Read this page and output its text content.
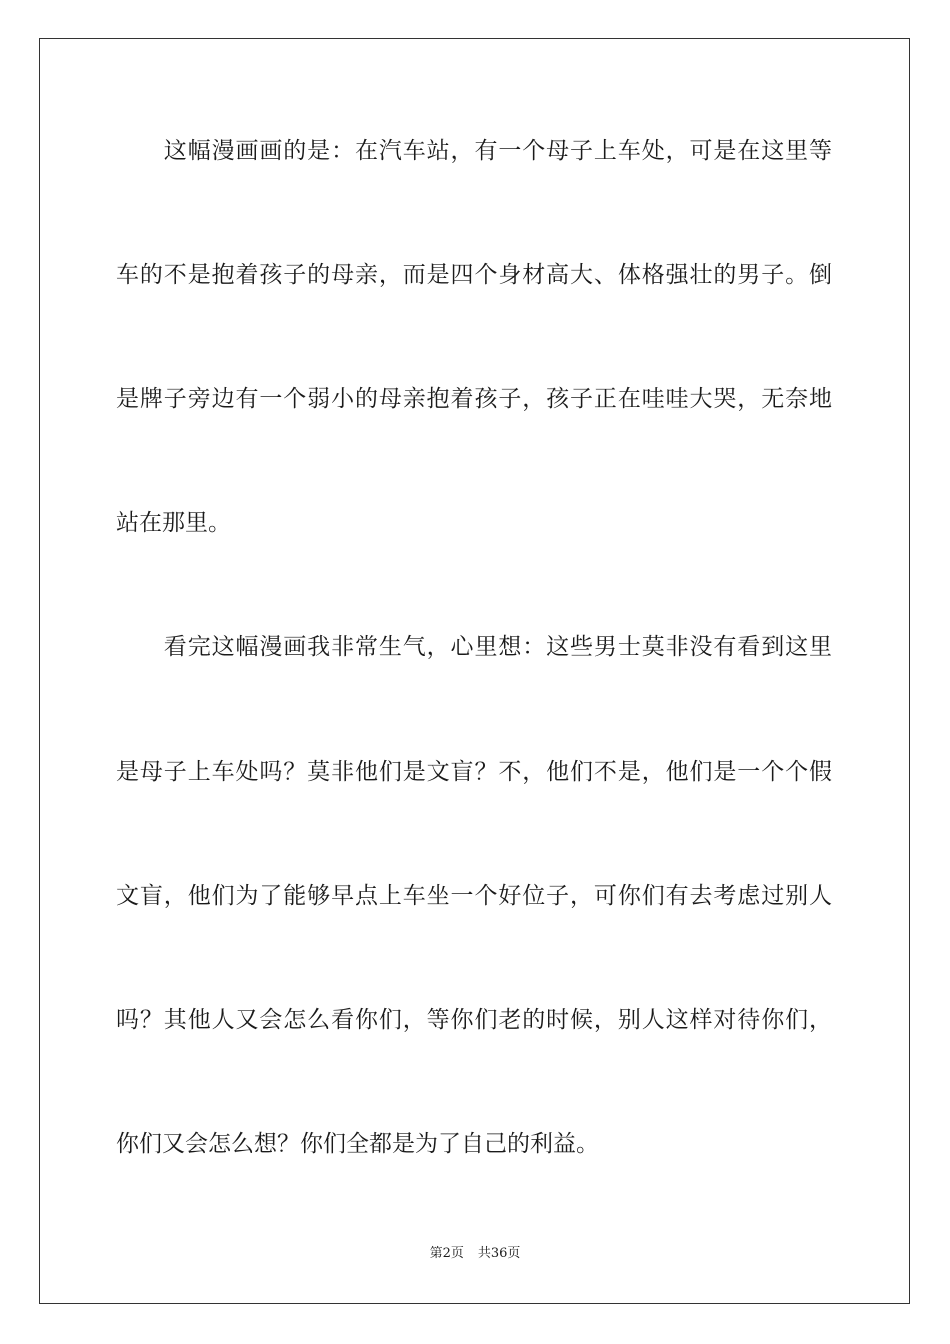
　　这幅漫画画的是：在汽车站，有一个母子上车处，可是在这里等
车的不是抱着孩子的母亲，而是四个身材高大、体格强壮的男子。倒
是牌子旁边有一个弱小的母亲抱着孩子，孩子正在哇哇大哭，无奈地
站在那里。
　　看完这幅漫画我非常生气，心里想：这些男士莫非没有看到这里
是母子上车处吗？莫非他们是文盲？不，他们不是，他们是一个个假
文盲，他们为了能够早点上车坐一个好位子，可你们有去考虑过别人
吗？其他人又会怎么看你们，等你们老的时候，别人这样对待你们，
你们又会怎么想？你们全都是为了自己的利益。
第2页 共36页
